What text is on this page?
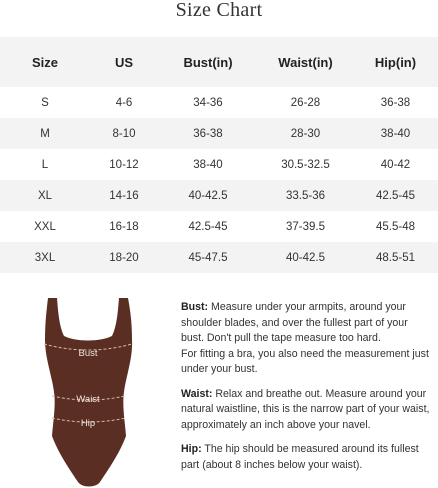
Size Chart
Size	US	Bust(in)	Waist(in)	Hip(in)
S	4-6	34-36	26-28	36-38
M	8-10	36-38	28-30	38-40
L	10-12	38-40	30.5-32.5	40-42
XL	14-16	40-42.5	33.5-36	42.5-45
XXL	16-18	42.5-45	37-39.5	45.5-48
3XL	18-20	45-47.5	40-42.5	48.5-51
Bust
Waist
Hip

Bust: Measure under your armpits, around your shoulder blades, and over the fullest part of your bust. Don't pull the tape measure too hard.
For fitting a bra, you also need the measurement just under your bust.

Waist: Relax and breathe out. Measure around your natural waistline, this is the narrow part of your waist, approximately an inch above your navel.

Hip: The hip should be measured around its fullest part (about 8 inches below your waist).
